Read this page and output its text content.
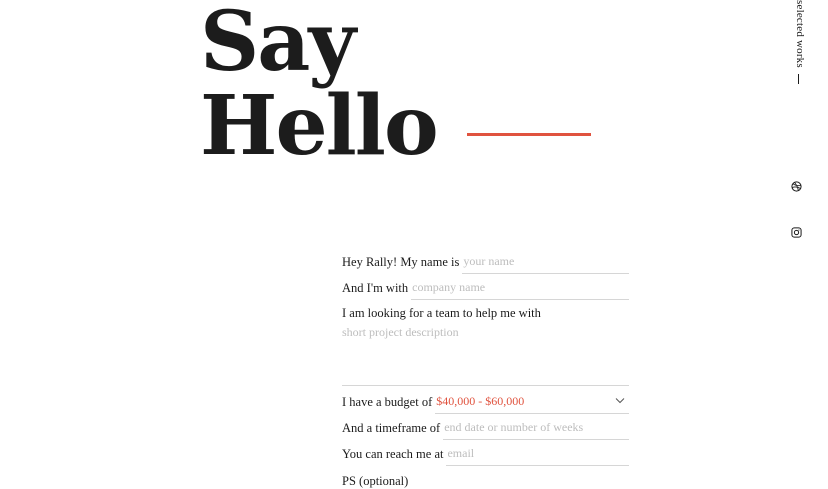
Say
Hello
selected works
Hey Rally! My name is
your name
And I'm with
company name
I am looking for a team to help me with
short project description
I have a budget of $40,000 - $60,000
And a timeframe of
end date or number of weeks
You can reach me at
email
PS (optional)
